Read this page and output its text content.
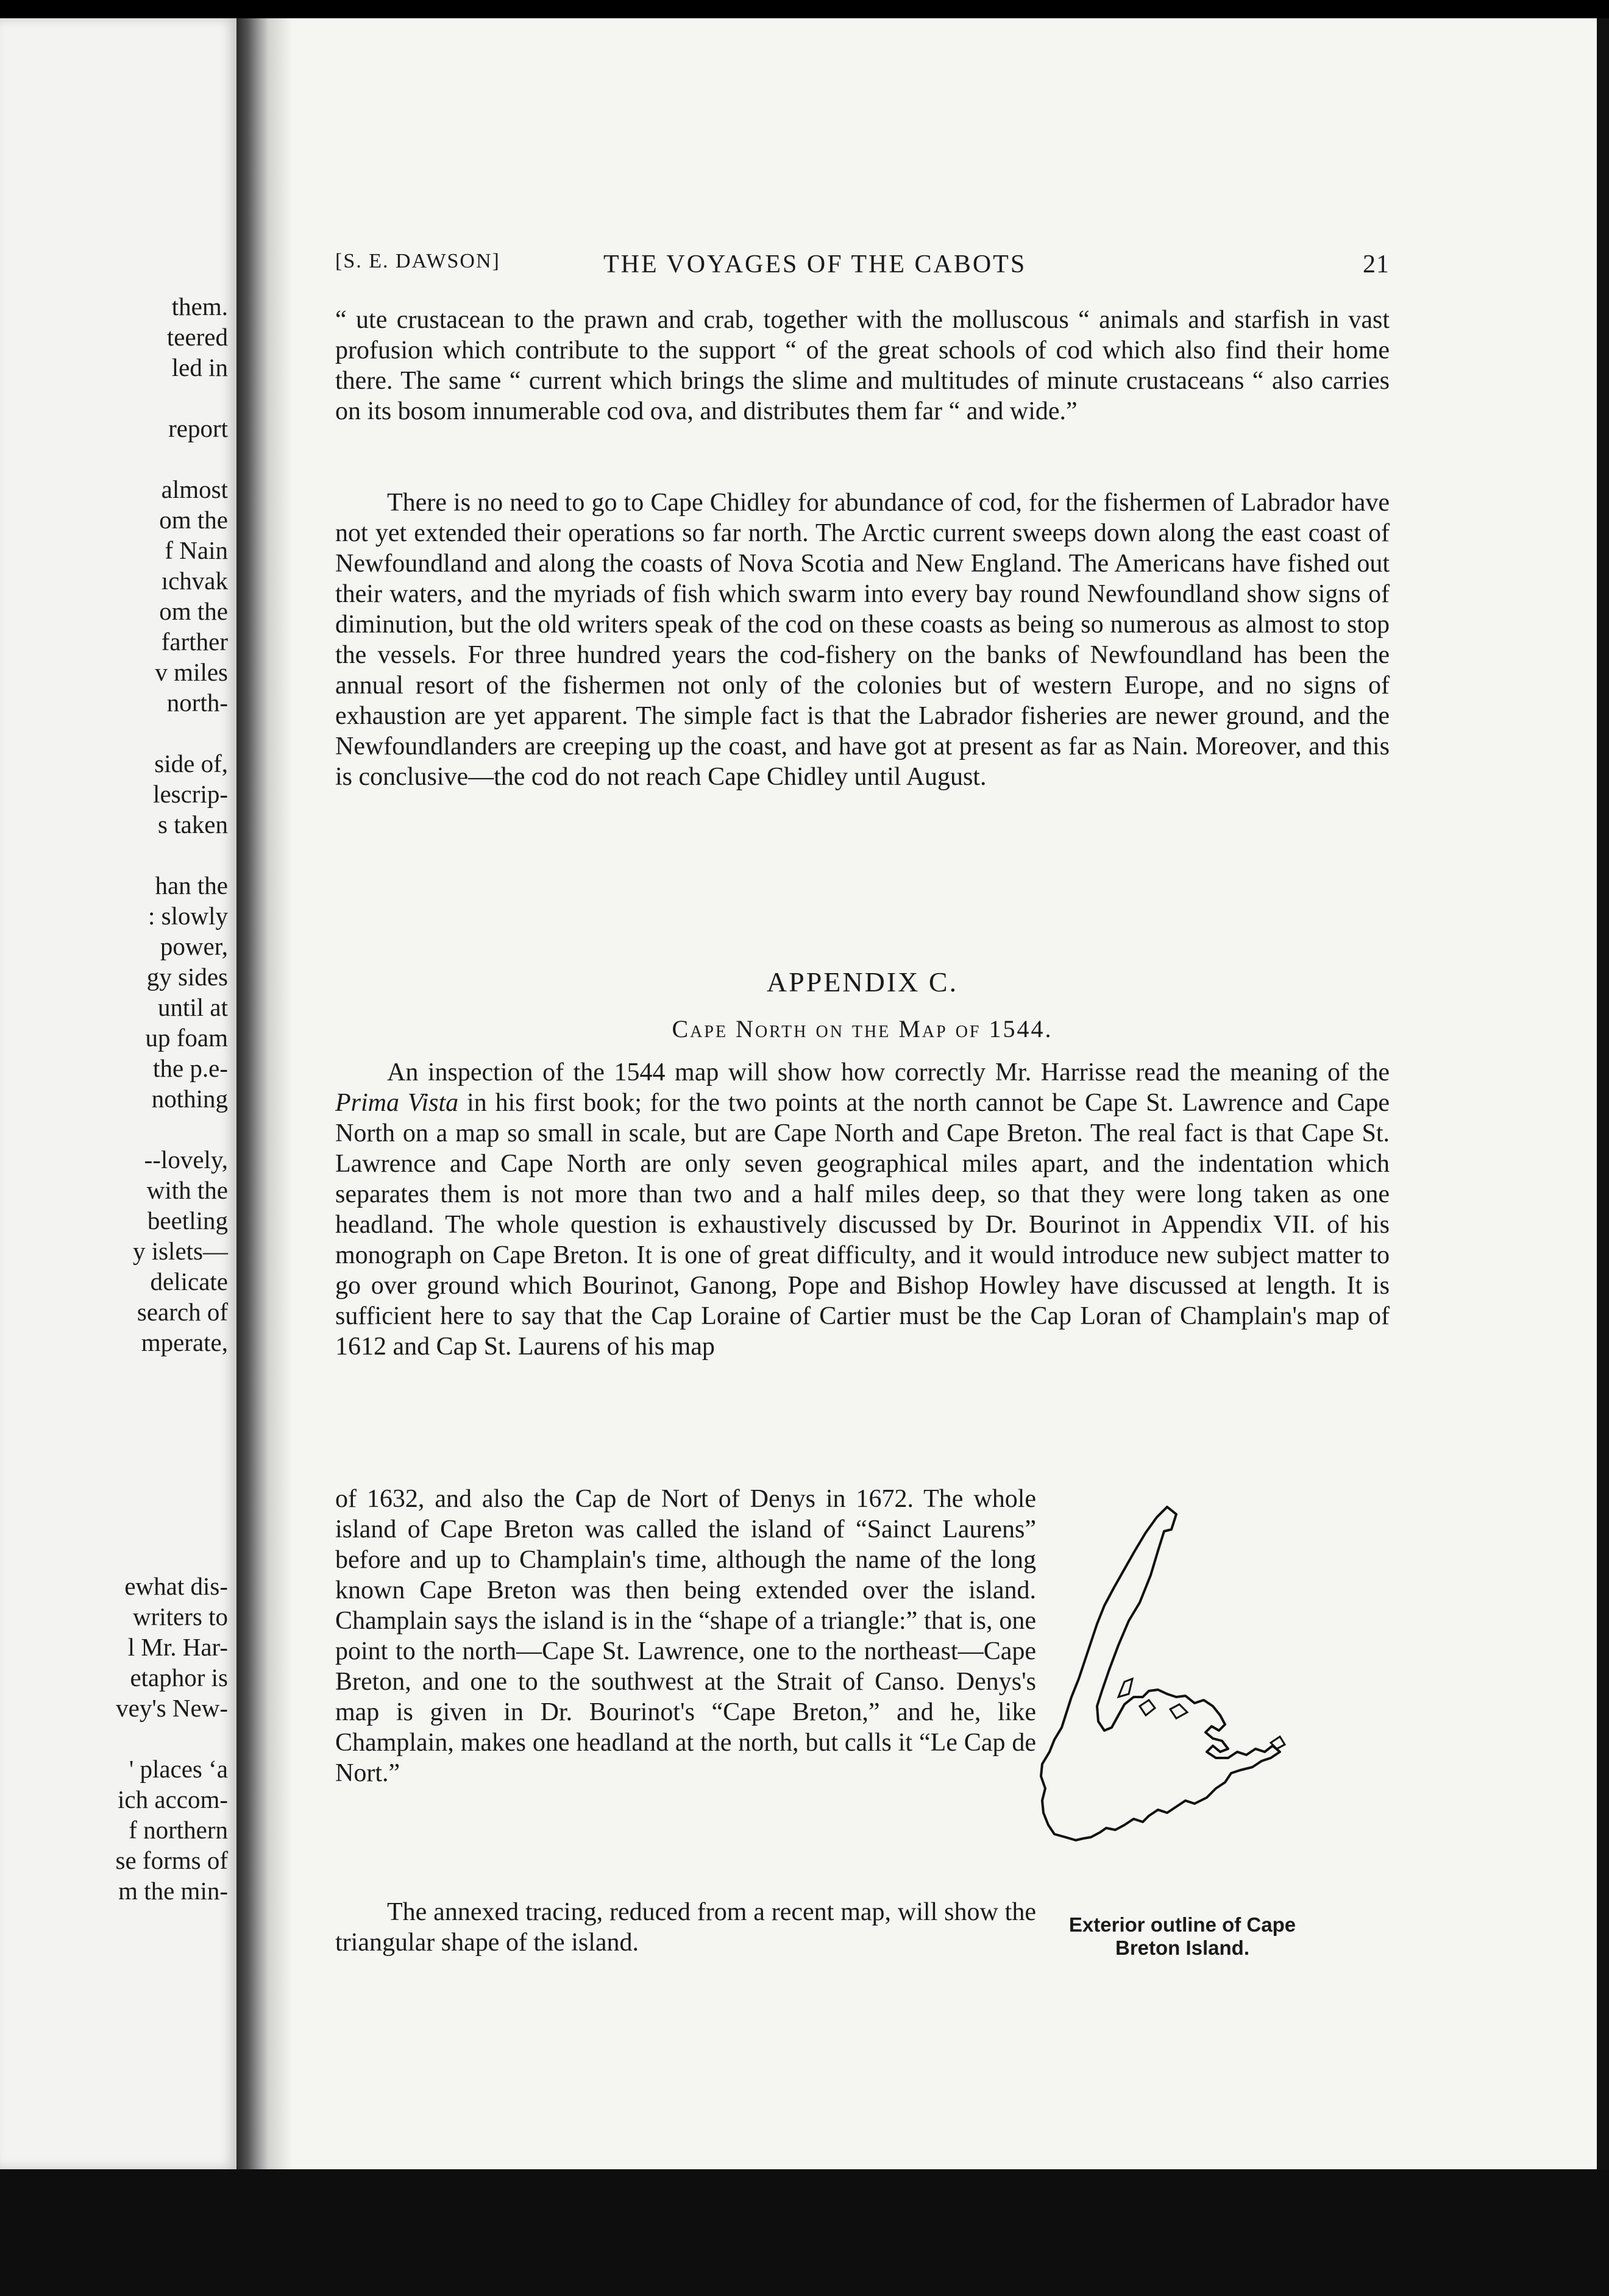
them.
teered
led in
report
almost
om the
f Nain
ıchvak
om the
farther
v miles
north-
side of,
lescrip-
s taken
han the
: slowly
power,
gy sides
until at
up foam
the p.e-
nothing
--lovely,
with the
beetling
y islets—
delicate
search of
mperate,
ewhat dis-
writers to
l Mr. Har-
etaphor is
vey's New-
' places ‘a
ich accom-
f northern
se forms of
m the min-
[S. E. DAWSON]	THE VOYAGES OF THE CABOTS	21

“ ute crustacean to the prawn and crab, together with the molluscous “ animals and starfish in vast profusion which contribute to the support “ of the great schools of cod which also find their home there. The same “ current which brings the slime and multitudes of minute crustaceans “ also carries on its bosom innumerable cod ova, and distributes them far “ and wide.”

There is no need to go to Cape Chidley for abundance of cod, for the fishermen of Labrador have not yet extended their operations so far north. The Arctic current sweeps down along the east coast of Newfoundland and along the coasts of Nova Scotia and New England. The Americans have fished out their waters, and the myriads of fish which swarm into every bay round Newfoundland show signs of diminution, but the old writers speak of the cod on these coasts as being so numerous as almost to stop the vessels. For three hundred years the cod-fishery on the banks of Newfoundland has been the annual resort of the fishermen not only of the colonies but of western Europe, and no signs of exhaustion are yet apparent. The simple fact is that the Labrador fisheries are newer ground, and the Newfoundlanders are creeping up the coast, and have got at present as far as Nain. Moreover, and this is conclusive—the cod do not reach Cape Chidley until August.

APPENDIX C.
Cape North on the Map of 1544.

An inspection of the 1544 map will show how correctly Mr. Harrisse read the meaning of the Prima Vista in his first book; for the two points at the north cannot be Cape St. Lawrence and Cape North on a map so small in scale, but are Cape North and Cape Breton. The real fact is that Cape St. Lawrence and Cape North are only seven geographical miles apart, and the indentation which separates them is not more than two and a half miles deep, so that they were long taken as one headland. The whole question is exhaustively discussed by Dr. Bourinot in Appendix VII. of his monograph on Cape Breton. It is one of great difficulty, and it would introduce new subject matter to go over ground which Bourinot, Ganong, Pope and Bishop Howley have discussed at length. It is sufficient here to say that the Cap Loraine of Cartier must be the Cap Loran of Champlain's map of 1612 and Cap St. Laurens of his map

of 1632, and also the Cap de Nort of Denys in 1672. The whole island of Cape Breton was called the island of “Sainct Laurens” before and up to Champlain's time, although the name of the long known Cape Breton was then being extended over the island. Champlain says the island is in the “shape of a triangle:” that is, one point to the north—Cape St. Lawrence, one to the northeast—Cape Breton, and one to the southwest at the Strait of Canso. Denys's map is given in Dr. Bourinot's “Cape Breton,” and he, like Champlain, makes one headland at the north, but calls it “Le Cap de Nort.”

The annexed tracing, reduced from a recent map, will show the triangular shape of the island.

Exterior outline of Cape
Breton Island.
